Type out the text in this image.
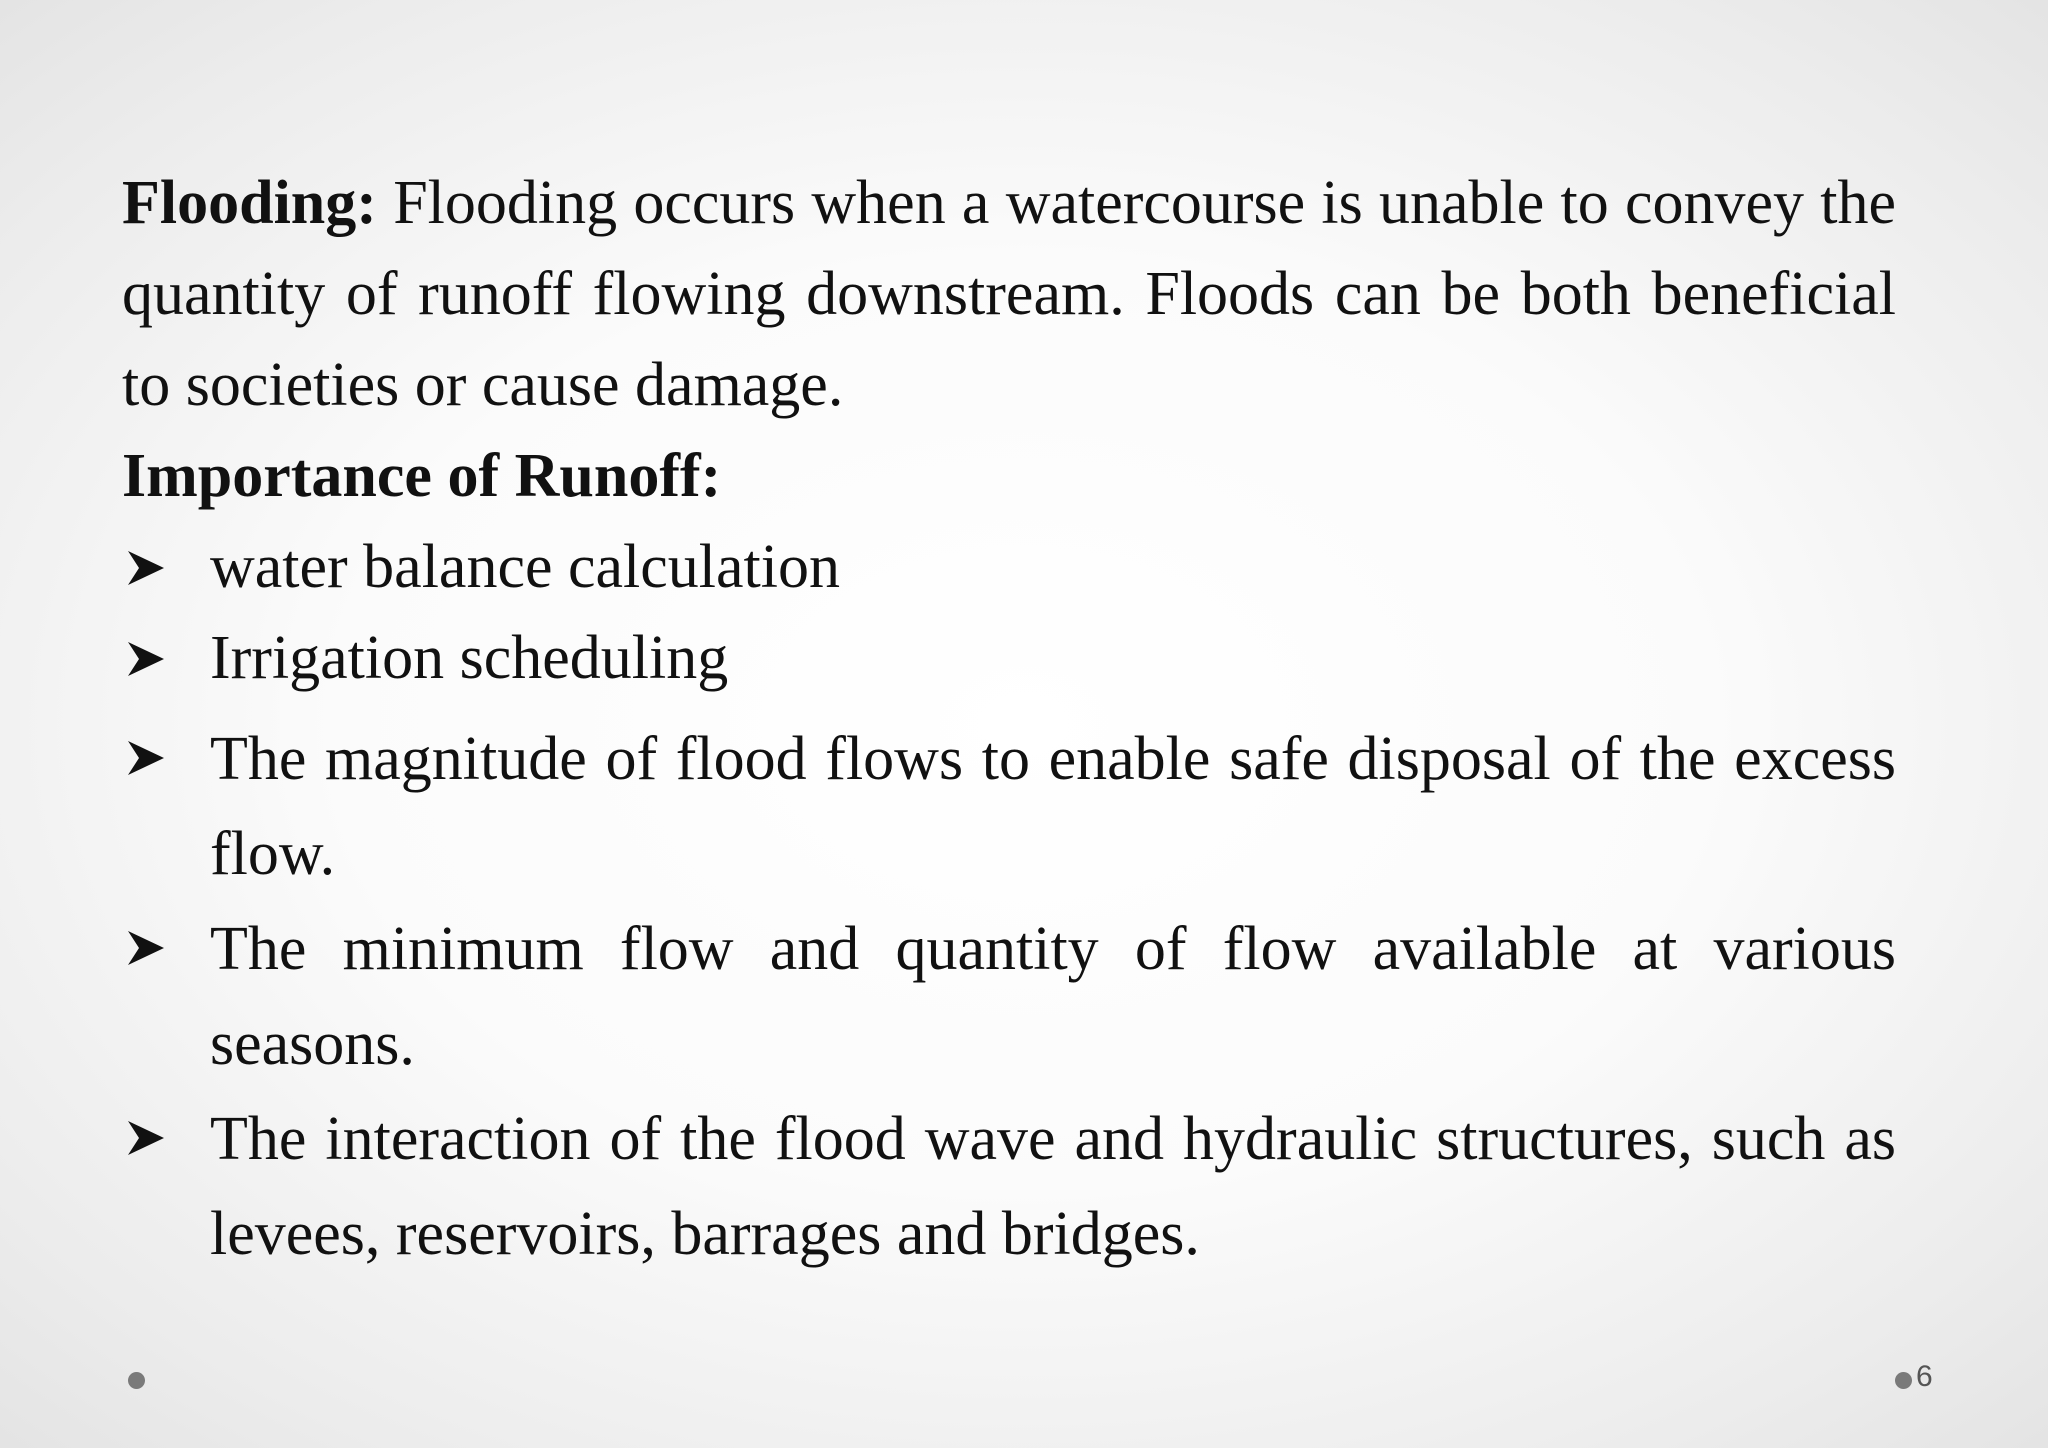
Flooding: Flooding occurs when a watercourse is unable to convey the quantity of runoff flowing downstream. Floods can be both beneficial to societies or cause damage.

Importance of Runoff:

water balance calculation
Irrigation scheduling
The magnitude of flood flows to enable safe disposal of the excess flow.
The minimum flow and quantity of flow available at various seasons.
The interaction of the flood wave and hydraulic structures, such as levees, reservoirs, barrages and bridges.
6
